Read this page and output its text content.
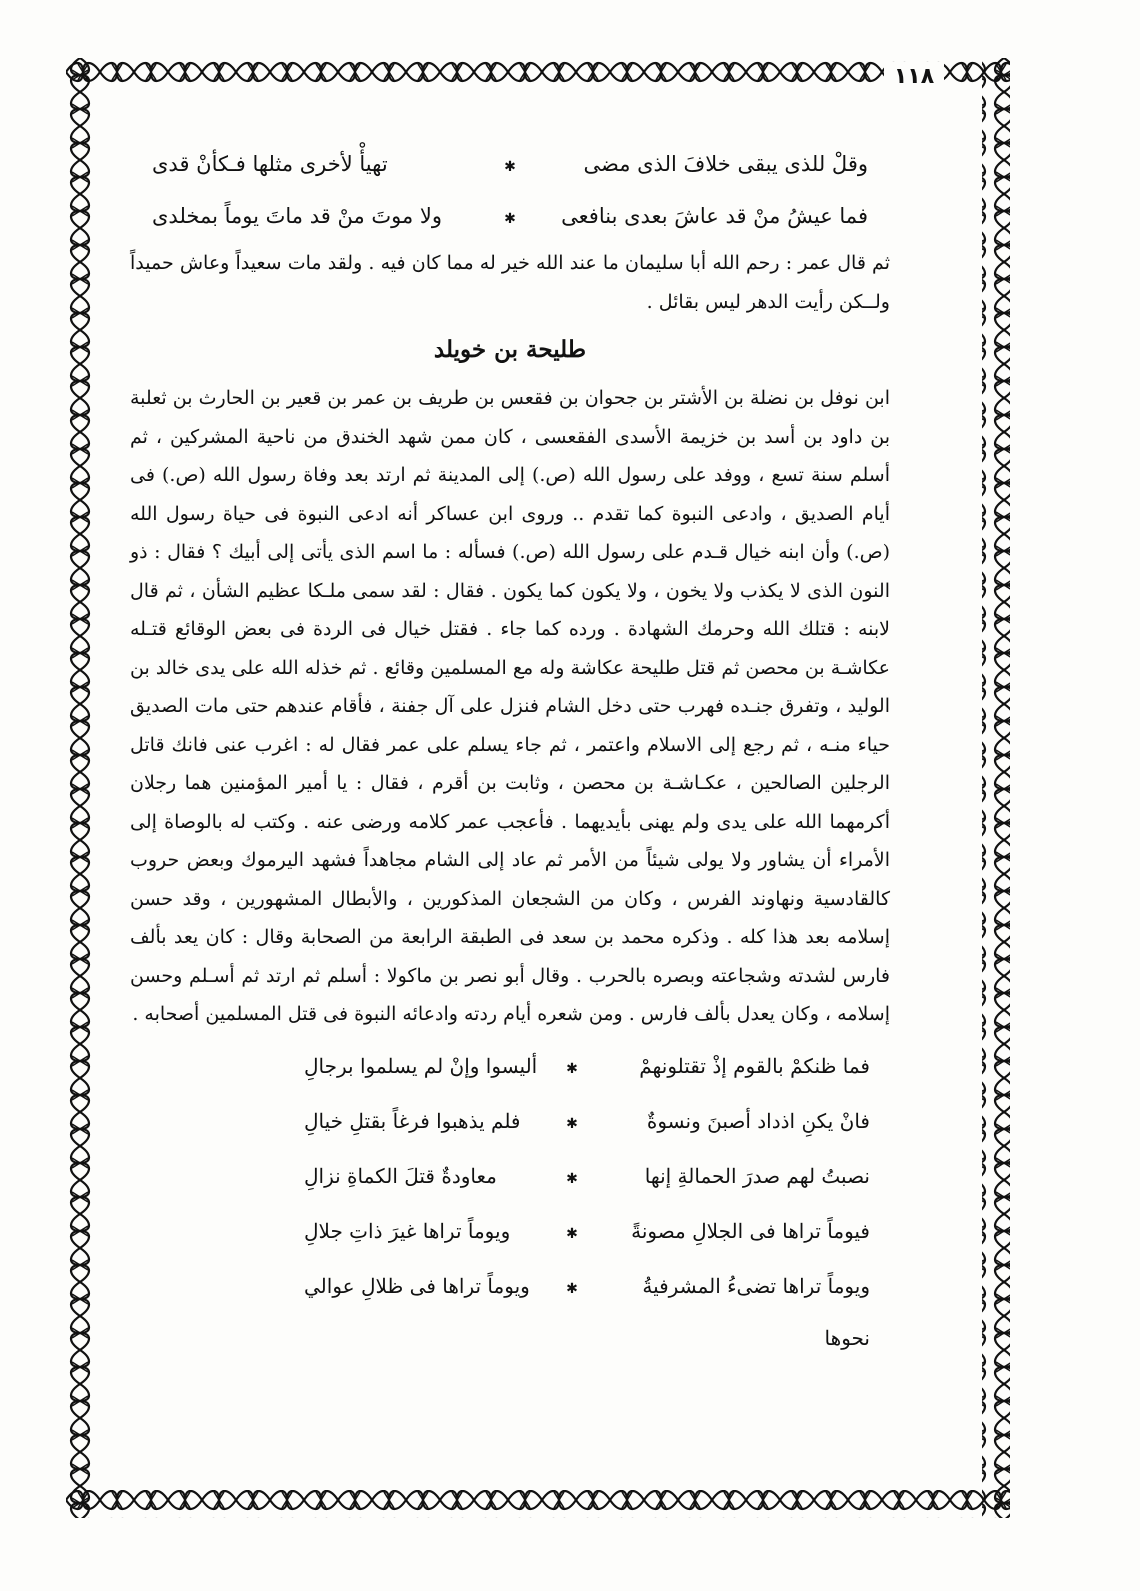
١١٨
وقلْ للذى يبقى خلافَ الذى مضى
✱
تهيأْ لأخرى مثلها فـكأنْ قدى
فما عيشُ منْ قد عاشَ بعدى بنافعى
✱
ولا موتَ منْ قد ماتَ يوماً بمخلدى

ثم قال عمر : رحم الله أبا سليمان ما عند الله خير له مما كان فيه . ولقد مات سعيداً وعاش حميداً ولــكن رأيت الدهر ليس بقائل .

طليحة بن خويلد

ابن نوفل بن نضلة بن الأشتر بن جحوان بن فقعس بن طريف بن عمر بن قعير بن الحارث بن ثعلبة بن داود بن أسد بن خزيمة الأسدى الفقعسى ، كان ممن شهد الخندق من ناحية المشركين ، ثم أسلم سنة تسع ، ووفد على رسول الله (ص.) إلى المدينة ثم ارتد بعد وفاة رسول الله (ص.) فى أيام الصديق ، وادعى النبوة كما تقدم .. وروى ابن عساكر أنه ادعى النبوة فى حياة رسول الله (ص.) وأن ابنه خيال قـدم على رسول الله (ص.) فسأله : ما اسم الذى يأتى إلى أبيك ؟ فقال : ذو النون الذى لا يكذب ولا يخون ، ولا يكون كما يكون . فقال : لقد سمى ملـكا عظيم الشأن ، ثم قال لابنه : قتلك الله وحرمك الشهادة . ورده كما جاء . فقتل خيال فى الردة فى بعض الوقائع قتـله عكاشـة بن محصن ثم قتل طليحة عكاشة وله مع المسلمين وقائع . ثم خذله الله على يدى خالد بن الوليد ، وتفرق جنـده فهرب حتى دخل الشام فنزل على آل جفنة ، فأقام عندهم حتى مات الصديق حياء منـه ، ثم رجع إلى الاسلام واعتمر ، ثم جاء يسلم على عمر فقال له : اغرب عنى فانك قاتل الرجلين الصالحين ، عكـاشـة بن محصن ، وثابت بن أقرم ، فقال : يا أمير المؤمنين هما رجلان أكرمهما الله على يدى ولم يهنى بأيديهما . فأعجب عمر كلامه ورضى عنه . وكتب له بالوصاة إلى الأمراء أن يشاور ولا يولى شيئاً من الأمر ثم عاد إلى الشام مجاهداً فشهد اليرموك وبعض حروب كالقادسية ونهاوند الفرس ، وكان من الشجعان المذكورين ، والأبطال المشهورين ، وقد حسن إسلامه بعد هذا كله . وذكره محمد بن سعد فى الطبقة الرابعة من الصحابة وقال : كان يعد بألف فارس لشدته وشجاعته وبصره بالحرب . وقال أبو نصر بن ماكولا : أسلم ثم ارتد ثم أسـلم وحسن إسلامه ، وكان يعدل بألف فارس . ومن شعره أيام ردته وادعائه النبوة فى قتل المسلمين أصحابه .

فما ظنكمْ بالقوم إذْ تقتلونهمْ
✱
أليسوا وإنْ لم يسلموا برجالِ
فانْ يكنِ اذداد أصبنَ ونسوةٌ
✱
فلم يذهبوا فرغاً بقتلِ خيالِ
نصبتُ لهم صدرَ الحمالةِ إنها
✱
معاودةٌ قتلَ الكماةِ نزالِ
فيوماً تراها فى الجلالِ مصونةً
✱
ويوماً تراها غيرَ ذاتِ جلالِ
ويوماً تراها تضىءُ المشرفيةُ نحوها
✱
ويوماً تراها فى ظلالِ عوالي
